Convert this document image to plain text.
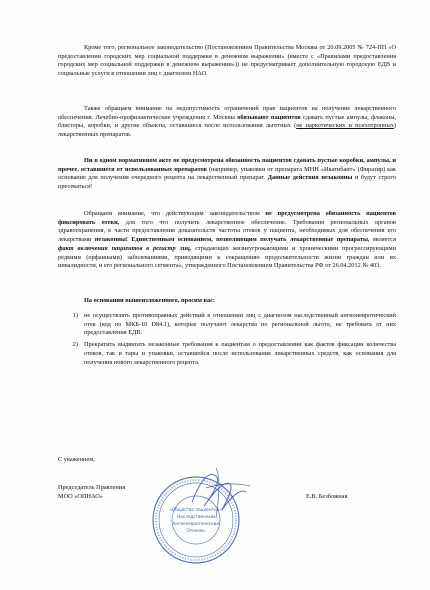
Кроме того, региональное законодательство (Постановлением Правительства Москвы от 20.09.2005 № 724-ПП «О предоставлении городских мер социальной поддержки в денежном выражении» (вместе с «Правилами предоставления городских мер социальной поддержки в денежном выражении»)) не предусматривает дополнительную городскую ЕДВ и социальные услуги в отношении лиц с диагнозом НАО.
Также обращаем внимание на недопустимость ограничений прав пациентов на получение лекарственного обеспечения. Лечебно-профилактические учреждения г. Москвы обязывают пациентов сдавать пустые ампулы, флаконы, блистеры, коробки, и другие объекты, оставшиеся после использования льготных (не наркотических и психотропных) лекарственных препаратов.
Ни в одном нормативном акте не предусмотрена обязанность пациентов сдавать пустые коробки, ампулы, и прочее, оставшиеся от использованных препаратов (например, упаковки от препарата МНН «Икатибант» (Фиразир) как основание для получения очередного рецепта на лекарственный препарат. Данные действия незаконны и будут строго пресекаться!
Обращаем внимание, что действующим законодательством не предусмотрена обязанность пациентов фиксировать отеки, для того что получить лекарственное обеспечение. Требования региональных органов здравоохранения, в части предоставления доказательств частоты отеков у пациента, необходимых для обеспечения его лекарствами незаконны! Единственным основанием, позволяющим получать лекарственные препараты, является факт включения пациентов в регистр лиц, страдающих жизнеугрожающими и хроническими прогрессирующими редкими (орфанными) заболеваниями, приводящими к сокращению продолжительности жизни граждан или их инвалидности, и его регионального сегмента», утвержденного Постановлением Правительства РФ от 26.04.2012 № 403.
На основании вышеизложенного, просим вас:
1) не осуществлять противоправных действий в отношении лиц с диагнозом наследственный ангионевротический отек (код по МКБ-10 D84.1), которые получают лекарства по региональной льготе, не требовать от них предоставления ЕДВ.
2) Прекратить выдвигать незаконные требования к пациентам о предоставлении как фактов фиксации количества отеков, так и тары и упаковки, оставшейся после использования лекарственных средств, как основания для получения нового лекарственного рецепта.
С уважением,
Председатель Правления
МОО «ОПНАО»	Е.В. Безбожная
«Общество пациентов с
Наследственным
Ангионевротическим
Отеком»
